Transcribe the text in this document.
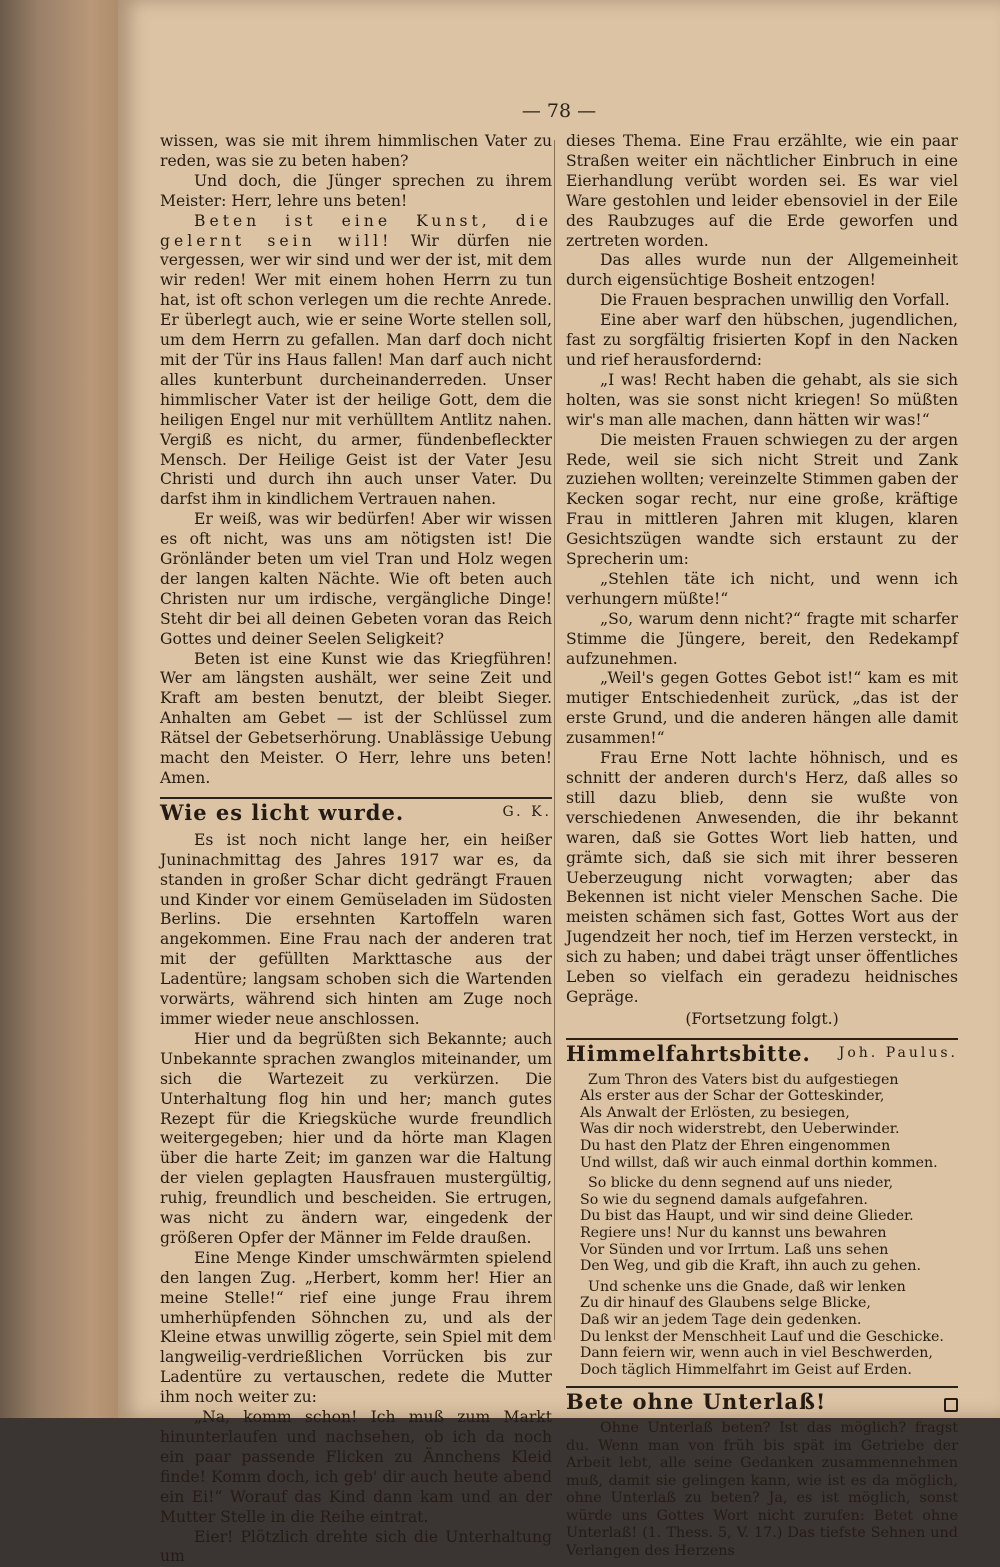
— 78 —

wissen, was sie mit ihrem himmlischen Vater zu reden, was sie zu beten haben?

Und doch, die Jünger sprechen zu ihrem Meister: Herr, lehre uns beten!

Beten ist eine Kunst, die gelernt sein will! Wir dürfen nie vergessen, wer wir sind und wer der ist, mit dem wir reden! Wer mit einem hohen Herrn zu tun hat, ist oft schon verlegen um die rechte Anrede. Er überlegt auch, wie er seine Worte stellen soll, um dem Herrn zu gefallen. Man darf doch nicht mit der Tür ins Haus fallen! Man darf auch nicht alles kunterbunt durcheinanderreden. Unser himmlischer Vater ist der heilige Gott, dem die heiligen Engel nur mit verhülltem Antlitz nahen. Vergiß es nicht, du armer, fündenbefleckter Mensch. Der Heilige Geist ist der Vater Jesu Christi und durch ihn auch unser Vater. Du darfst ihm in kindlichem Vertrauen nahen.

Er weiß, was wir bedürfen! Aber wir wissen es oft nicht, was uns am nötigsten ist! Die Grönländer beten um viel Tran und Holz wegen der langen kalten Nächte. Wie oft beten auch Christen nur um irdische, vergängliche Dinge! Steht dir bei all deinen Gebeten voran das Reich Gottes und deiner Seelen Seligkeit?

Beten ist eine Kunst wie das Kriegführen! Wer am längsten aushält, wer seine Zeit und Kraft am besten benutzt, der bleibt Sieger. Anhalten am Gebet — ist der Schlüssel zum Rätsel der Gebetserhörung. Unablässige Uebung macht den Meister. O Herr, lehre uns beten! Amen.

Wie es licht wurde.	G. K.

Es ist noch nicht lange her, ein heißer Juninachmittag des Jahres 1917 war es, da standen in großer Schar dicht gedrängt Frauen und Kinder vor einem Gemüseladen im Südosten Berlins. Die ersehnten Kartoffeln waren angekommen. Eine Frau nach der anderen trat mit der gefüllten Markttasche aus der Ladentüre; langsam schoben sich die Wartenden vorwärts, während sich hinten am Zuge noch immer wieder neue anschlossen.

Hier und da begrüßten sich Bekannte; auch Unbekannte sprachen zwanglos miteinander, um sich die Wartezeit zu verkürzen. Die Unterhaltung flog hin und her; manch gutes Rezept für die Kriegsküche wurde freundlich weitergegeben; hier und da hörte man Klagen über die harte Zeit; im ganzen war die Haltung der vielen geplagten Hausfrauen mustergültig, ruhig, freundlich und bescheiden. Sie ertrugen, was nicht zu ändern war, eingedenk der größeren Opfer der Männer im Felde draußen.

Eine Menge Kinder umschwärmten spielend den langen Zug. „Herbert, komm her! Hier an meine Stelle!“ rief eine junge Frau ihrem umherhüpfenden Söhnchen zu, und als der Kleine etwas unwillig zögerte, sein Spiel mit dem langweilig-verdrießlichen Vorrücken bis zur Ladentüre zu vertauschen, redete die Mutter ihm noch weiter zu:

„Na, komm schon! Ich muß zum Markt hinunterlaufen und nachsehen, ob ich da noch ein paar passende Flicken zu Ännchens Kleid finde! Komm doch, ich geb' dir auch heute abend ein Ei!“ Worauf das Kind dann kam und an der Mutter Stelle in die Reihe eintrat.

Eier! Plötzlich drehte sich die Unterhaltung um

dieses Thema. Eine Frau erzählte, wie ein paar Straßen weiter ein nächtlicher Einbruch in eine Eierhandlung verübt worden sei. Es war viel Ware gestohlen und leider ebensoviel in der Eile des Raubzuges auf die Erde geworfen und zertreten worden.

Das alles wurde nun der Allgemeinheit durch eigensüchtige Bosheit entzogen!

Die Frauen besprachen unwillig den Vorfall.

Eine aber warf den hübschen, jugendlichen, fast zu sorgfältig frisierten Kopf in den Nacken und rief herausfordernd:

„I was! Recht haben die gehabt, als sie sich holten, was sie sonst nicht kriegen! So müßten wir's man alle machen, dann hätten wir was!“

Die meisten Frauen schwiegen zu der argen Rede, weil sie sich nicht Streit und Zank zuziehen wollten; vereinzelte Stimmen gaben der Kecken sogar recht, nur eine große, kräftige Frau in mittleren Jahren mit klugen, klaren Gesichtszügen wandte sich erstaunt zu der Sprecherin um:

„Stehlen täte ich nicht, und wenn ich verhungern müßte!“

„So, warum denn nicht?“ fragte mit scharfer Stimme die Jüngere, bereit, den Redekampf aufzunehmen.

„Weil's gegen Gottes Gebot ist!“ kam es mit mutiger Entschiedenheit zurück, „das ist der erste Grund, und die anderen hängen alle damit zusammen!“

Frau Erne Nott lachte höhnisch, und es schnitt der anderen durch's Herz, daß alles so still dazu blieb, denn sie wußte von verschiedenen Anwesenden, die ihr bekannt waren, daß sie Gottes Wort lieb hatten, und grämte sich, daß sie sich mit ihrer besseren Ueberzeugung nicht vorwagten; aber das Bekennen ist nicht vieler Menschen Sache. Die meisten schämen sich fast, Gottes Wort aus der Jugendzeit her noch, tief im Herzen versteckt, in sich zu haben; und dabei trägt unser öffentliches Leben so vielfach ein geradezu heidnisches Gepräge.

(Fortsetzung folgt.)
Himmelfahrtsbitte. Joh. Paulus.
Zum Thron des Vaters bist du aufgestiegen
Als erster aus der Schar der Gotteskinder,
Als Anwalt der Erlösten, zu besiegen,
Was dir noch widerstrebt, den Ueberwinder.
Du hast den Platz der Ehren eingenommen
Und willst, daß wir auch einmal dorthin kommen.
So blicke du denn segnend auf uns nieder,
So wie du segnend damals aufgefahren.
Du bist das Haupt, und wir sind deine Glieder.
Regiere uns! Nur du kannst uns bewahren
Vor Sünden und vor Irrtum. Laß uns sehen
Den Weg, und gib die Kraft, ihn auch zu gehen.
Und schenke uns die Gnade, daß wir lenken
Zu dir hinauf des Glaubens selge Blicke,
Daß wir an jedem Tage dein gedenken.
Du lenkst der Menschheit Lauf und die Geschicke.
Dann feiern wir, wenn auch in viel Beschwerden,
Doch täglich Himmelfahrt im Geist auf Erden.
Bete ohne Unterlaß!

Ohne Unterlaß beten? Ist das möglich? fragst du. Wenn man von früh bis spät im Getriebe der Arbeit lebt, alle seine Gedanken zusammennehmen muß, damit sie gelingen kann, wie ist es da möglich, ohne Unterlaß zu beten? Ja, es ist möglich, sonst würde uns Gottes Wort nicht zurufen: Betet ohne Unterlaß! (1. Thess. 5, V. 17.) Das tiefste Sehnen und Verlangen des Herzens
